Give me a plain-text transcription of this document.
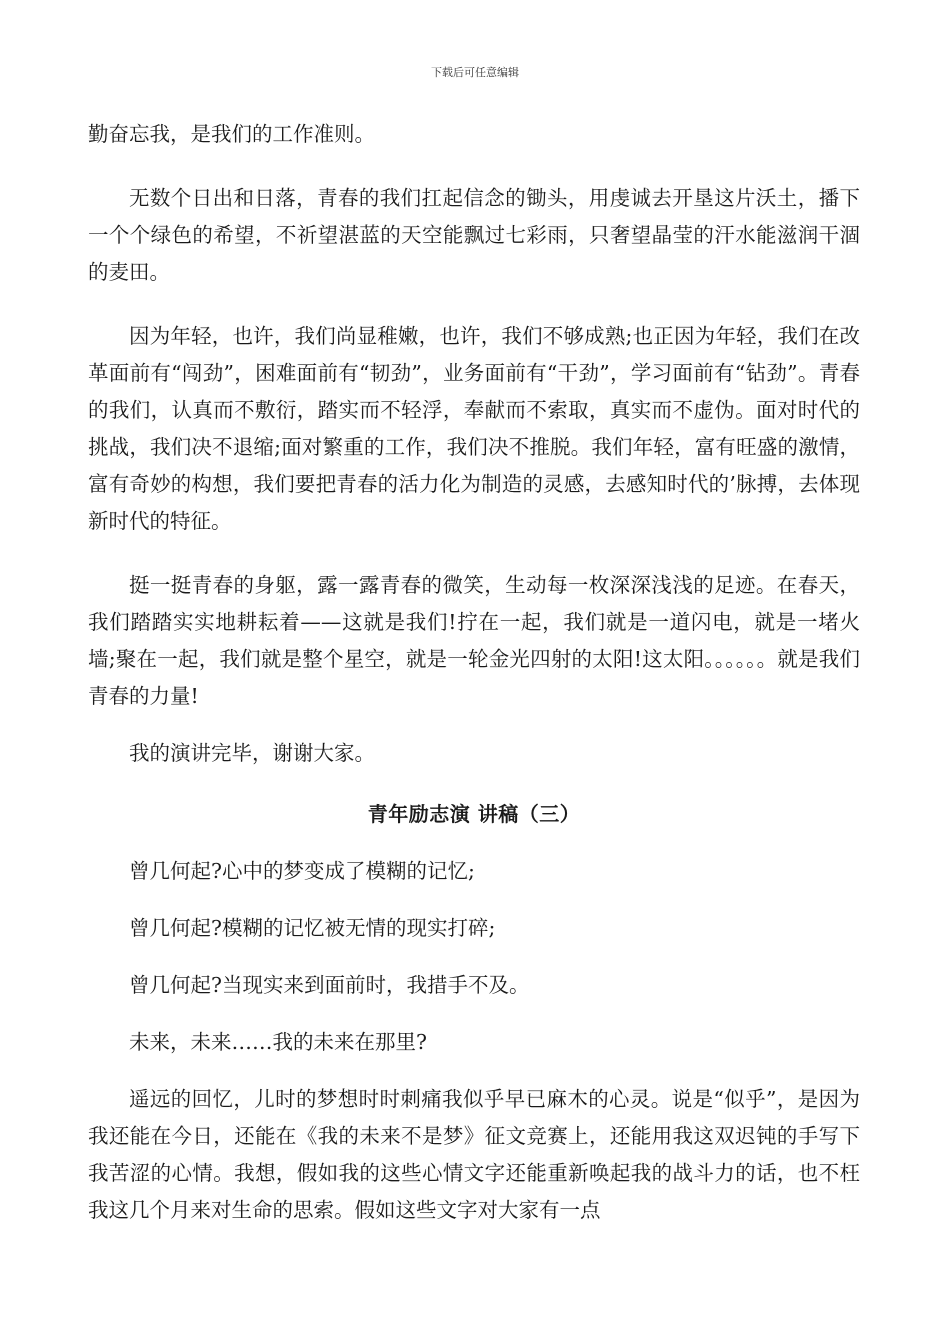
下载后可任意编辑

勤奋忘我，是我们的工作准则。

无数个日出和日落，青春的我们扛起信念的锄头，用虔诚去开垦这片沃土，播下一个个绿色的希望，不祈望湛蓝的天空能飘过七彩雨，只奢望晶莹的汗水能滋润干涸的麦田。

因为年轻，也许，我们尚显稚嫩，也许，我们不够成熟;也正因为年轻，我们在改革面前有“闯劲”，困难面前有“韧劲”，业务面前有“干劲”，学习面前有“钻劲”。青春的我们，认真而不敷衍，踏实而不轻浮，奉献而不索取，真实而不虚伪。面对时代的挑战，我们决不退缩;面对繁重的工作，我们决不推脱。我们年轻，富有旺盛的激情，富有奇妙的构想，我们要把青春的活力化为制造的灵感，去感知时代的’脉搏，去体现新时代的特征。

挺一挺青春的身躯，露一露青春的微笑，生动每一枚深深浅浅的足迹。在春天，我们踏踏实实地耕耘着——这就是我们!拧在一起，我们就是一道闪电，就是一堵火墙;聚在一起，我们就是整个星空，就是一轮金光四射的太阳!这太阳。。。。。。就是我们青春的力量!

我的演讲完毕，谢谢大家。

青年励志演 讲稿（三）

曾几何起?心中的梦变成了模糊的记忆;

曾几何起?模糊的记忆被无情的现实打碎;

曾几何起?当现实来到面前时，我措手不及。

未来，未来……我的未来在那里?

遥远的回忆，儿时的梦想时时刺痛我似乎早已麻木的心灵。说是“似乎”，是因为我还能在今日，还能在《我的未来不是梦》征文竞赛上，还能用我这双迟钝的手写下我苦涩的心情。我想，假如我的这些心情文字还能重新唤起我的战斗力的话，也不枉我这几个月来对生命的思索。假如这些文字对大家有一点
